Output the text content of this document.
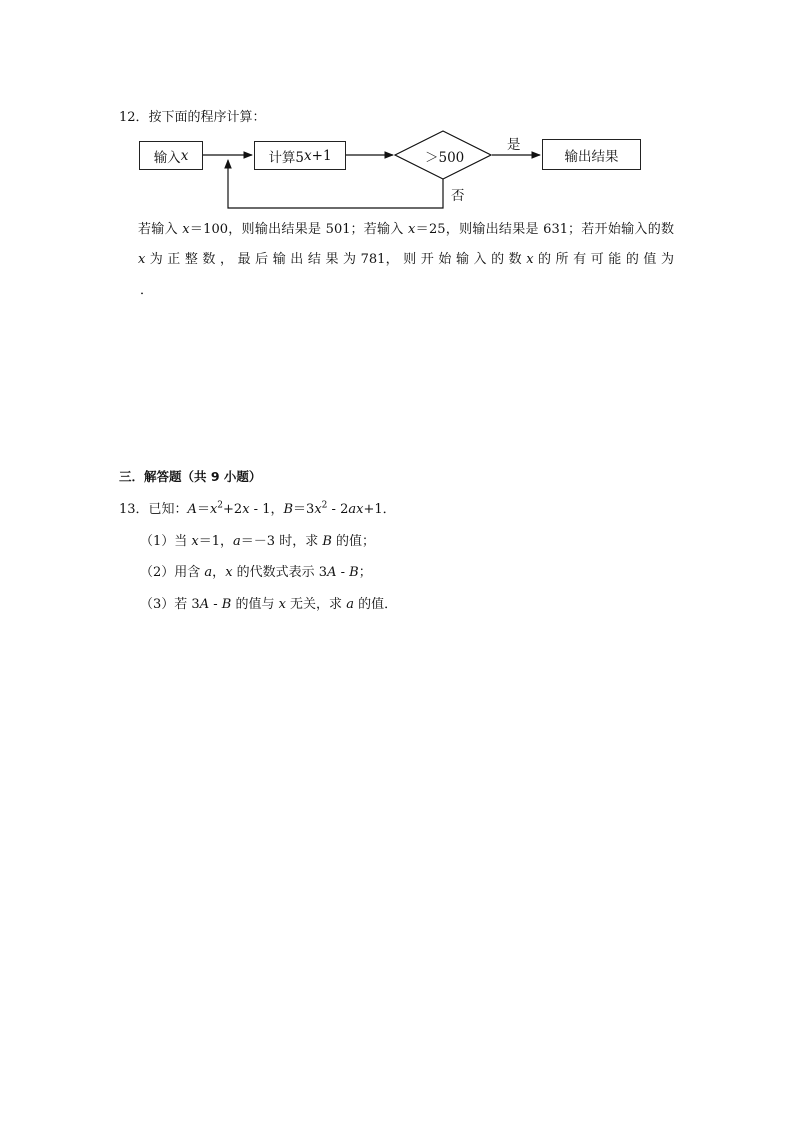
12．按下面的程序计算：
输入 x	计算5 x +1	＞500	输出结果
是
否
若输入 x＝100，则输出结果是 501；若输入 x＝25，则输出结果是 631；若开始输入的数
x 为 正 整 数 ， 最 后 输 出 结 果 为 781， 则 开 始 输 入 的 数 x 的 所 有 可 能 的 值 为
．
三．解答题（共 9 小题）
13．已知：$A=x^2+2x - 1$，$B=3x^2 - 2ax+1$．
（1）当 x＝1，a＝－3 时，求 B 的值；
（2）用含 a，x 的代数式表示 3A - B；
（3）若 3A - B 的值与 x 无关，求 a 的值．
